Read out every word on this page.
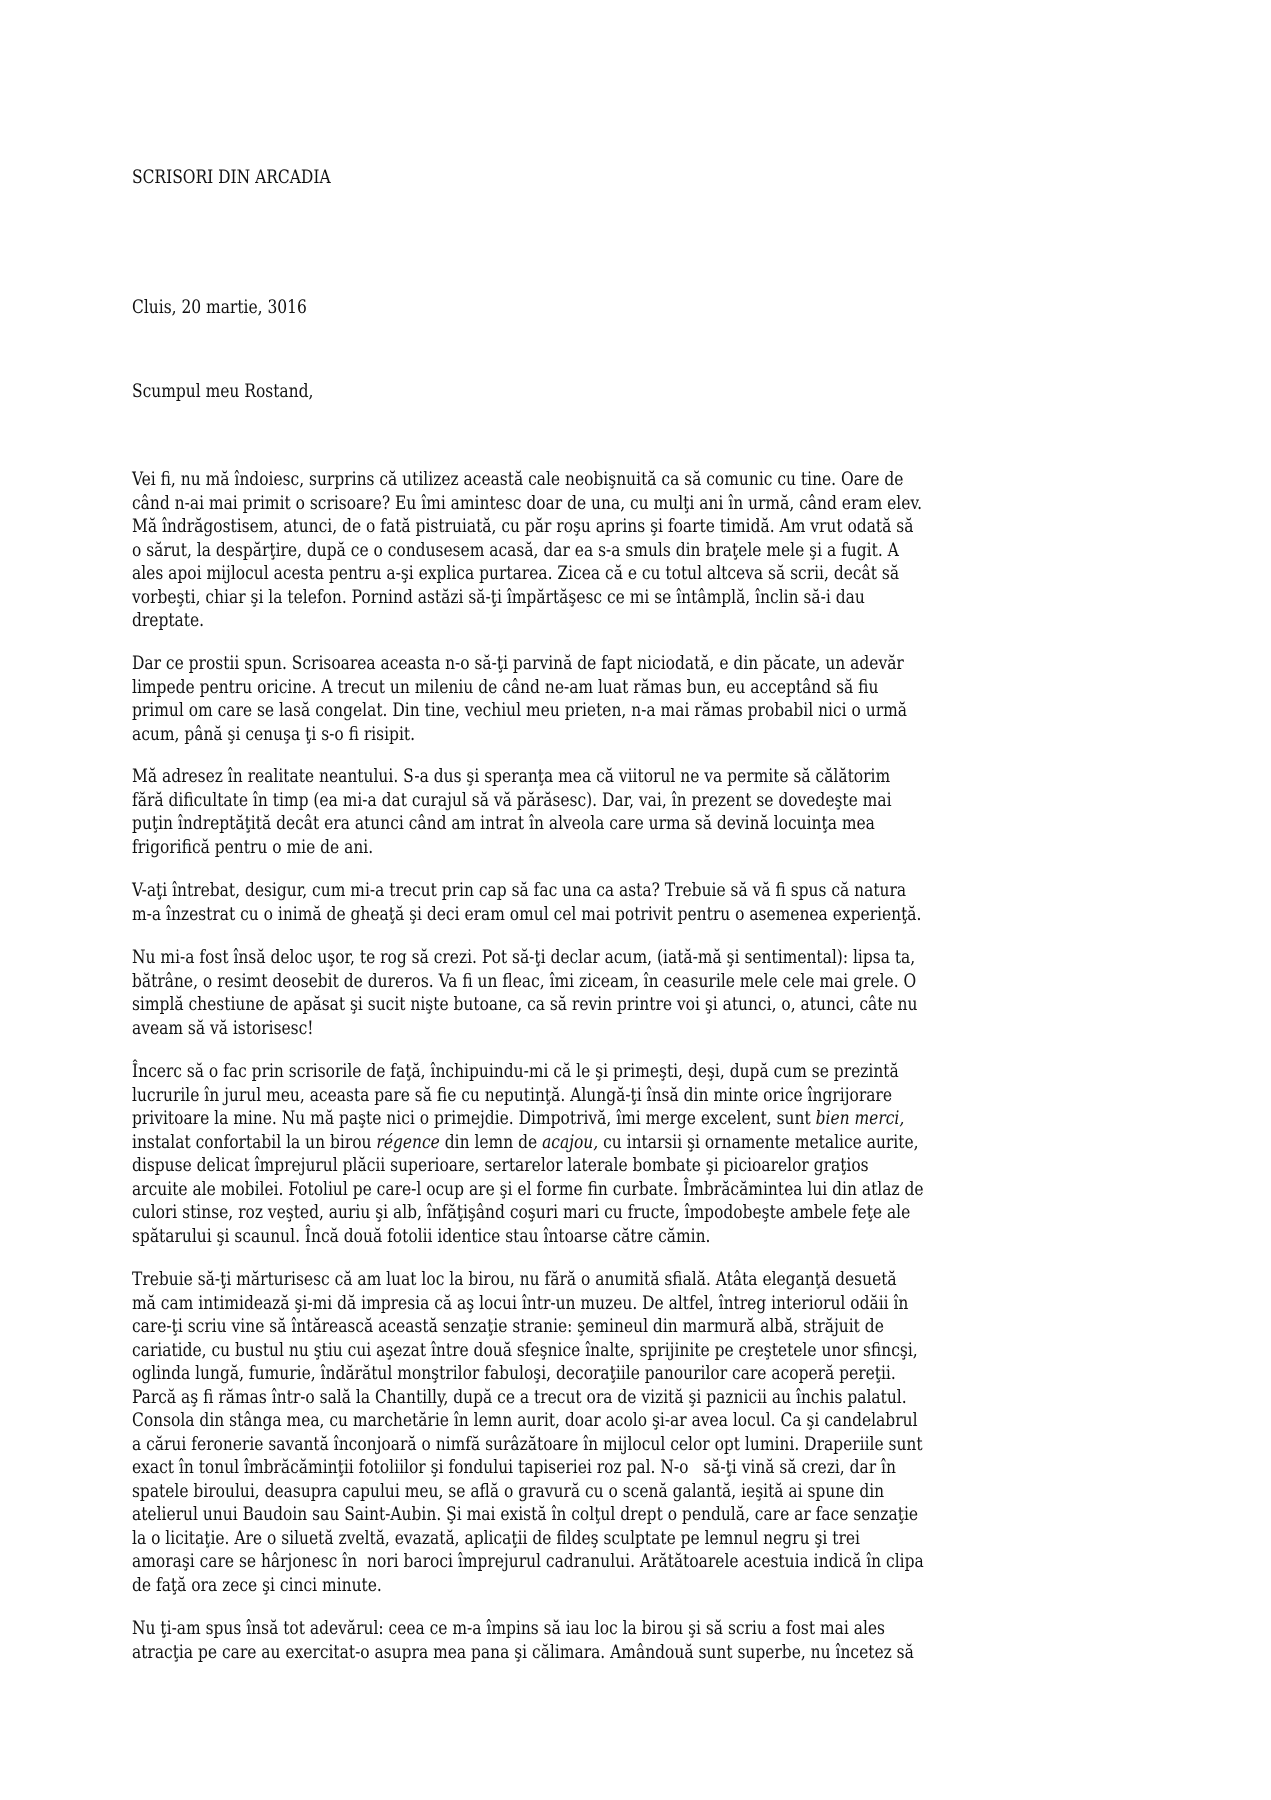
SCRISORI DIN ARCADIA
Cluis, 20 martie, 3016
Scumpul meu Rostand,
Vei fi, nu mă îndoiesc, surprins că utilizez această cale neobişnuită ca să comunic cu tine. Oare de
când n-ai mai primit o scrisoare? Eu îmi amintesc doar de una, cu mulţi ani în urmă, când eram elev.
Mă îndrăgostisem, atunci, de o fată pistruiată, cu păr roşu aprins şi foarte timidă. Am vrut odată să
o sărut, la despărţire, după ce o condusesem acasă, dar ea s-a smuls din braţele mele şi a fugit. A
ales apoi mijlocul acesta pentru a-şi explica purtarea. Zicea că e cu totul altceva să scrii, decât să
vorbeşti, chiar şi la telefon. Pornind astăzi să-ţi împărtăşesc ce mi se întâmplă, înclin să-i dau
dreptate.
Dar ce prostii spun. Scrisoarea aceasta n-o să-ţi parvină de fapt niciodată, e din păcate, un adevăr
limpede pentru oricine. A trecut un mileniu de când ne-am luat rămas bun, eu acceptând să fiu
primul om care se lasă congelat. Din tine, vechiul meu prieten, n-a mai rămas probabil nici o urmă
acum, până şi cenuşa ţi s-o fi risipit.
Mă adresez în realitate neantului. S-a dus şi speranţa mea că viitorul ne va permite să călătorim
fără dificultate în timp (ea mi-a dat curajul să vă părăsesc). Dar, vai, în prezent se dovedeşte mai
puţin îndreptăţită decât era atunci când am intrat în alveola care urma să devină locuinţa mea
frigorifică pentru o mie de ani.
V-aţi întrebat, desigur, cum mi-a trecut prin cap să fac una ca asta? Trebuie să vă fi spus că natura
m-a înzestrat cu o inimă de gheaţă şi deci eram omul cel mai potrivit pentru o asemenea experienţă.
Nu mi-a fost însă deloc uşor, te rog să crezi. Pot să-ţi declar acum, (iată-mă şi sentimental): lipsa ta,
bătrâne, o resimt deosebit de dureros. Va fi un fleac, îmi ziceam, în ceasurile mele cele mai grele. O
simplă chestiune de apăsat şi sucit nişte butoane, ca să revin printre voi şi atunci, o, atunci, câte nu
aveam să vă istorisesc!
Încerc să o fac prin scrisorile de faţă, închipuindu-mi că le şi primeşti, deşi, după cum se prezintă
lucrurile în jurul meu, aceasta pare să fie cu neputinţă. Alungă-ţi însă din minte orice îngrijorare
privitoare la mine. Nu mă paşte nici o primejdie. Dimpotrivă, îmi merge excelent, sunt bien merci,
instalat confortabil la un birou régence din lemn de acajou, cu intarsii şi ornamente metalice aurite,
dispuse delicat împrejurul plăcii superioare, sertarelor laterale bombate şi picioarelor graţios
arcuite ale mobilei. Fotoliul pe care-l ocup are şi el forme fin curbate. Îmbrăcămintea lui din atlaz de
culori stinse, roz veşted, auriu şi alb, înfăţişând coşuri mari cu fructe, împodobeşte ambele feţe ale
spătarului şi scaunul. Încă două fotolii identice stau întoarse către cămin.
Trebuie să-ţi mărturisesc că am luat loc la birou, nu fără o anumită sfială. Atâta eleganţă desuetă
mă cam intimidează şi-mi dă impresia că aş locui într-un muzeu. De altfel, întreg interiorul odăii în
care-ţi scriu vine să întărească această senzaţie stranie: şemineul din marmură albă, străjuit de
cariatide, cu bustul nu ştiu cui aşezat între două sfeşnice înalte, sprijinite pe creştetele unor sfincşi,
oglinda lungă, fumurie, îndărătul monştrilor fabuloşi, decoraţiile panourilor care acoperă pereţii.
Parcă aş fi rămas într-o sală la Chantilly, după ce a trecut ora de vizită şi paznicii au închis palatul.
Consola din stânga mea, cu marchetărie în lemn aurit, doar acolo şi-ar avea locul. Ca şi candelabrul
a cărui feronerie savantă înconjoară o nimfă surâzătoare în mijlocul celor opt lumini. Draperiile sunt
exact în tonul îmbrăcăminţii fotoliilor şi fondului tapiseriei roz pal. N-o   să-ţi vină să crezi, dar în
spatele biroului, deasupra capului meu, se află o gravură cu o scenă galantă, ieşită ai spune din
atelierul unui Baudoin sau Saint-Aubin. Şi mai există în colţul drept o pendulă, care ar face senzaţie
la o licitaţie. Are o siluetă zveltă, evazată, aplicaţii de fildeş sculptate pe lemnul negru şi trei
amoraşi care se hârjonesc în  nori baroci împrejurul cadranului. Arătătoarele acestuia indică în clipa
de faţă ora zece şi cinci minute.
Nu ţi-am spus însă tot adevărul: ceea ce m-a împins să iau loc la birou şi să scriu a fost mai ales
atracţia pe care au exercitat-o asupra mea pana şi călimara. Amândouă sunt superbe, nu încetez să
